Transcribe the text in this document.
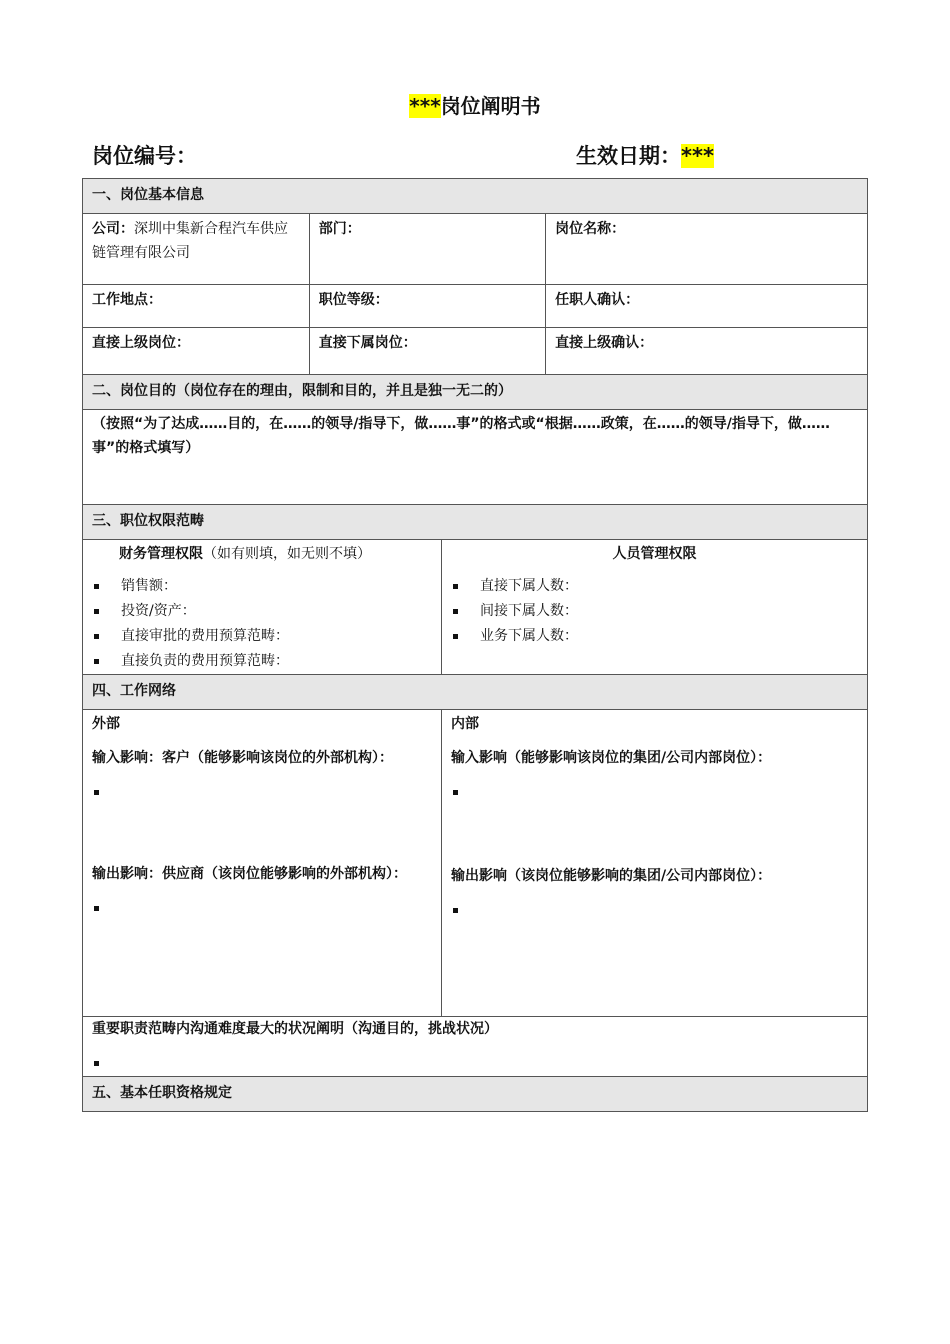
***岗位阐明书
岗位编号：	生效日期：***
一、岗位基本信息

公司：深圳中集新合程汽车供应链管理有限公司	部门：	岗位名称：
工作地点：	职位等级：	任职人确认：
直接上级岗位：	直接下属岗位：	直接上级确认：

二、岗位目的（岗位存在的理由，限制和目的，并且是独一无二的）
（按照“为了达成……目的，在……的领导/指导下，做……事”的格式或“根据……政策，在……的领导/指导下，做……事”的格式填写）
三、职位权限范畴

财务管理权限（如有则填，如无则不填）
销售额：
投资/资产：
直接审批的费用预算范畴：
直接负责的费用预算范畴：

人员管理权限
直接下属人数：
间接下属人数：
业务下属人数：

四、工作网络

外部
输入影响：客户（能够影响该岗位的外部机构）：
输出影响：供应商（该岗位能够影响的外部机构）：

内部
输入影响（能够影响该岗位的集团/公司内部岗位）：
输出影响（该岗位能够影响的集团/公司内部岗位）：

重要职责范畴内沟通难度最大的状况阐明（沟通目的，挑战状况）

五、基本任职资格规定
